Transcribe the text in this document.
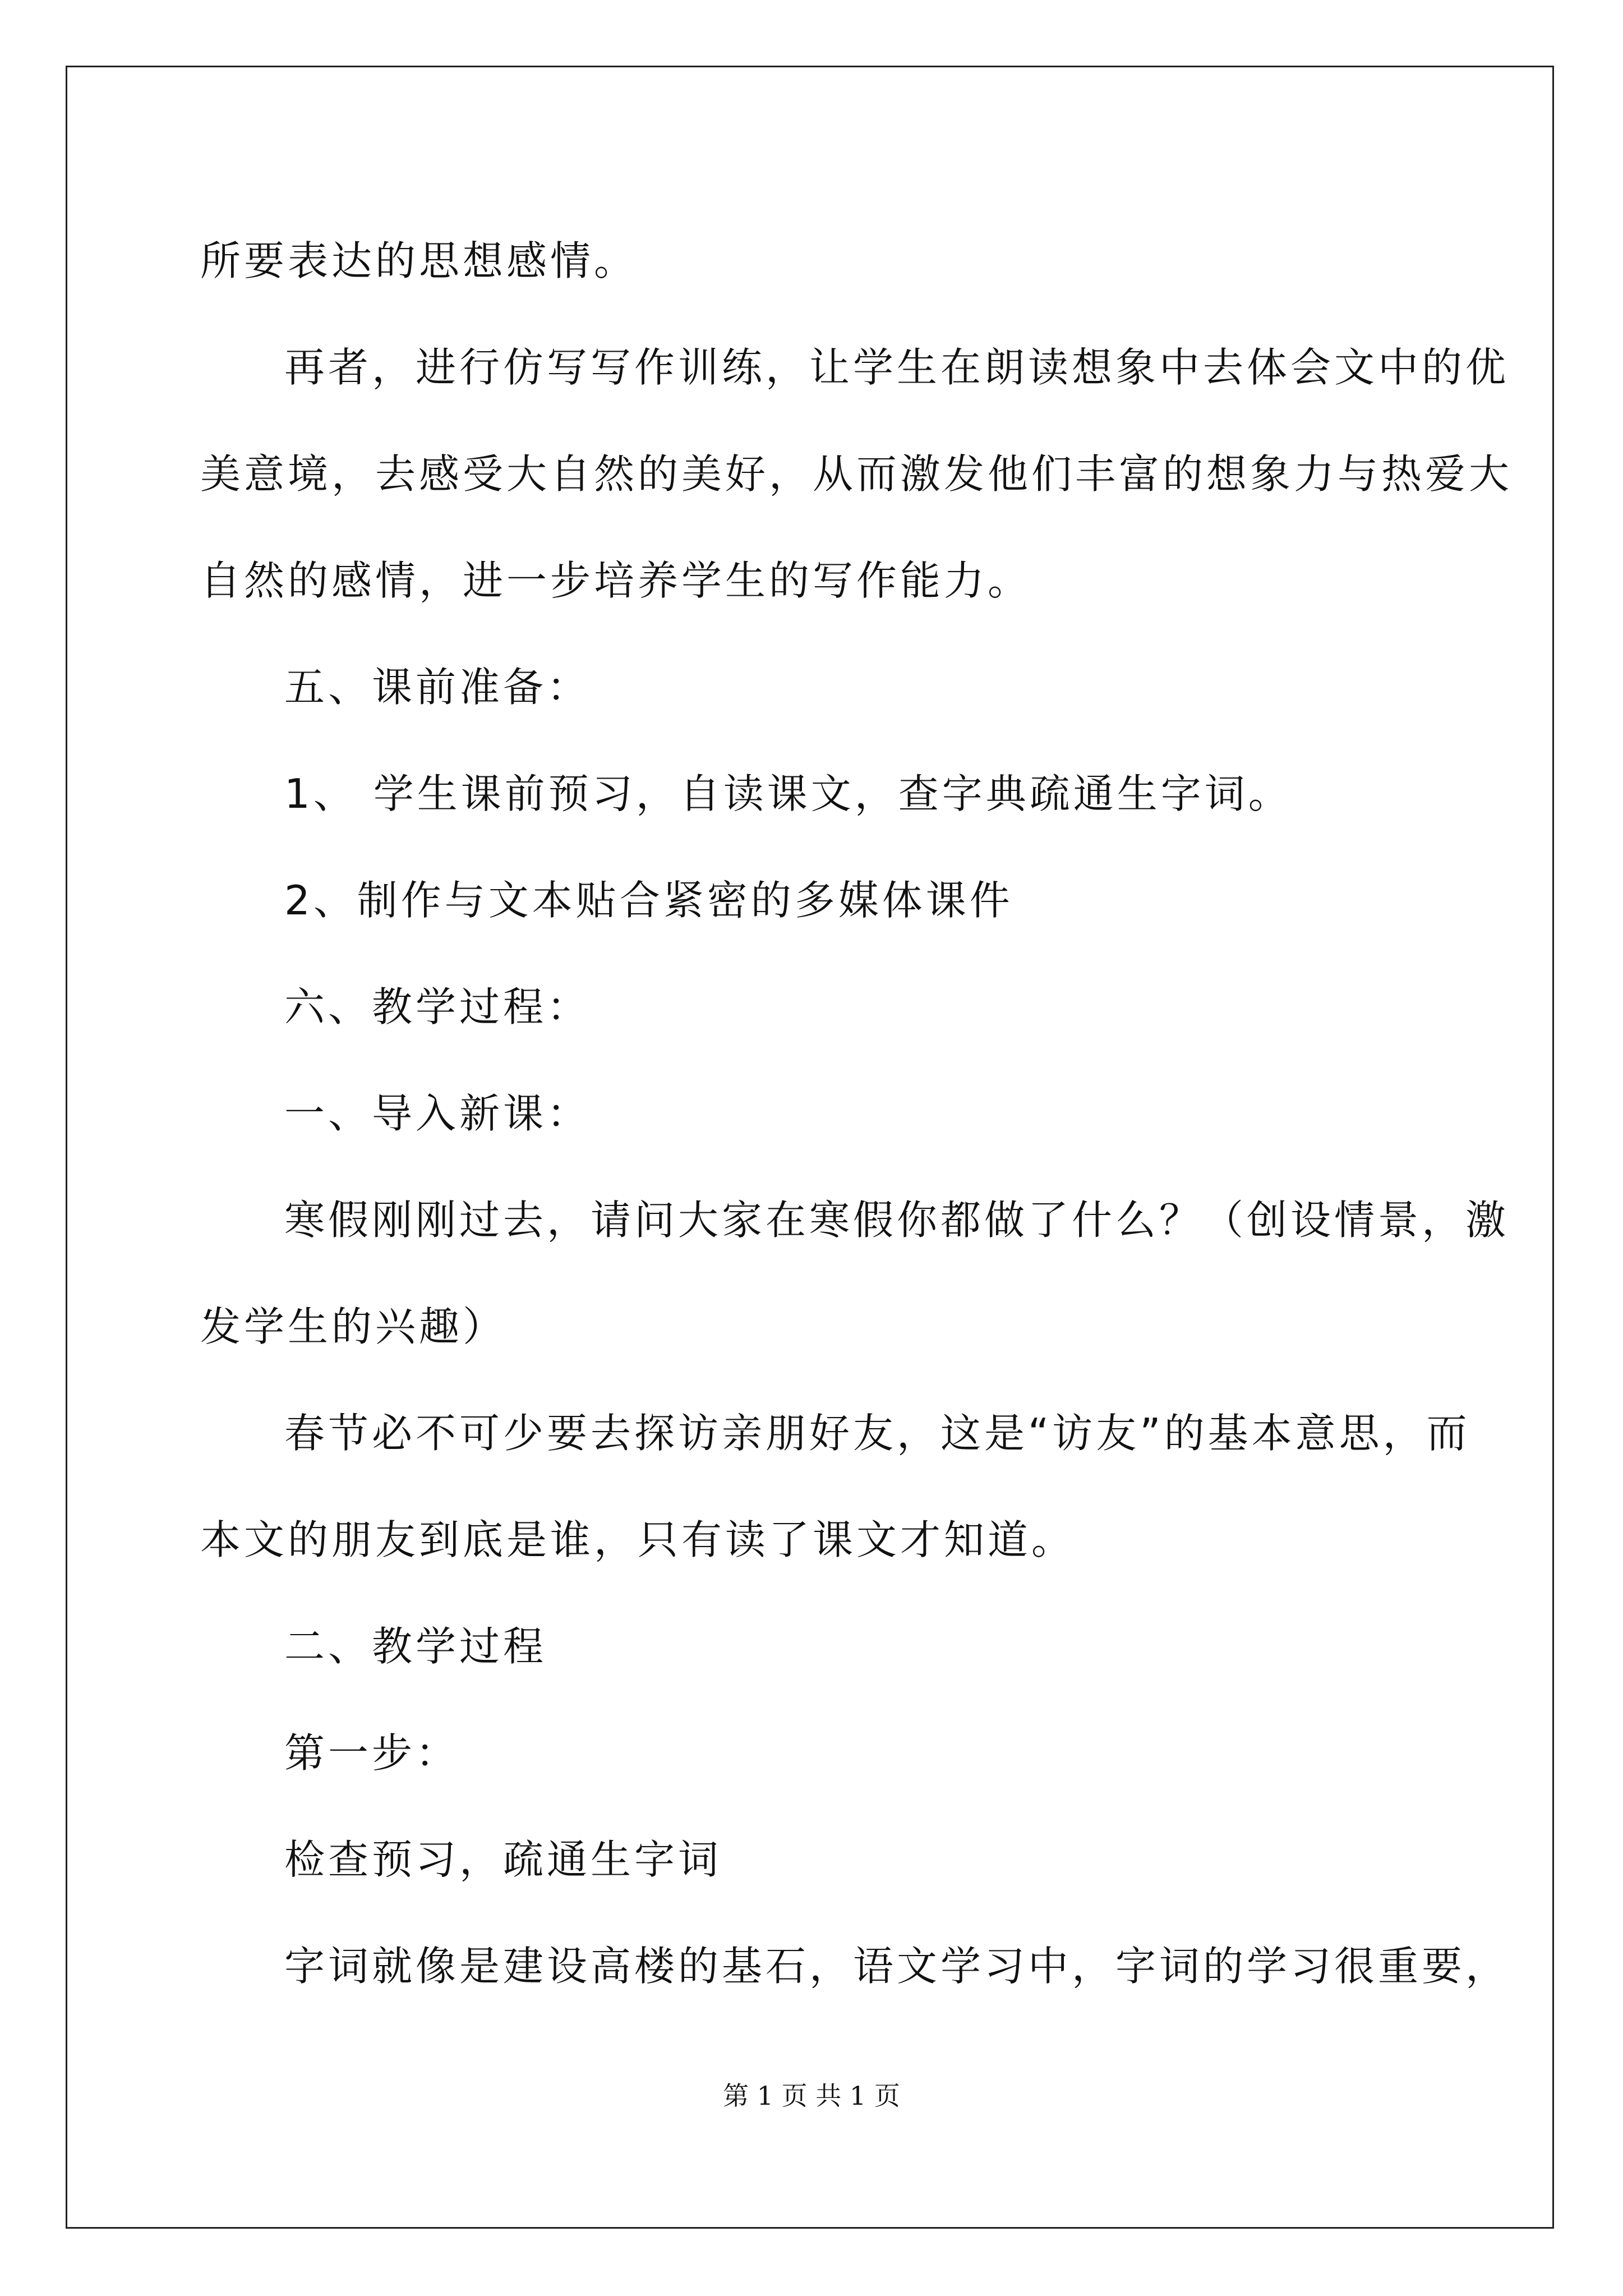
所要表达的思想感情。

再者，进行仿写写作训练，让学生在朗读想象中去体会文中的优

美意境，去感受大自然的美好，从而激发他们丰富的想象力与热爱大

自然的感情，进一步培养学生的写作能力。

五、课前准备：

1、 学生课前预习，自读课文，查字典疏通生字词。

2、制作与文本贴合紧密的多媒体课件

六、教学过程：

一、导入新课：

寒假刚刚过去，请问大家在寒假你都做了什么？（创设情景，激

发学生的兴趣）

春节必不可少要去探访亲朋好友，这是“访友”的基本意思，而

本文的朋友到底是谁，只有读了课文才知道。

二、教学过程

第一步：

检查预习，疏通生字词

字词就像是建设高楼的基石，语文学习中，字词的学习很重要，

第 1 页 共 1 页
